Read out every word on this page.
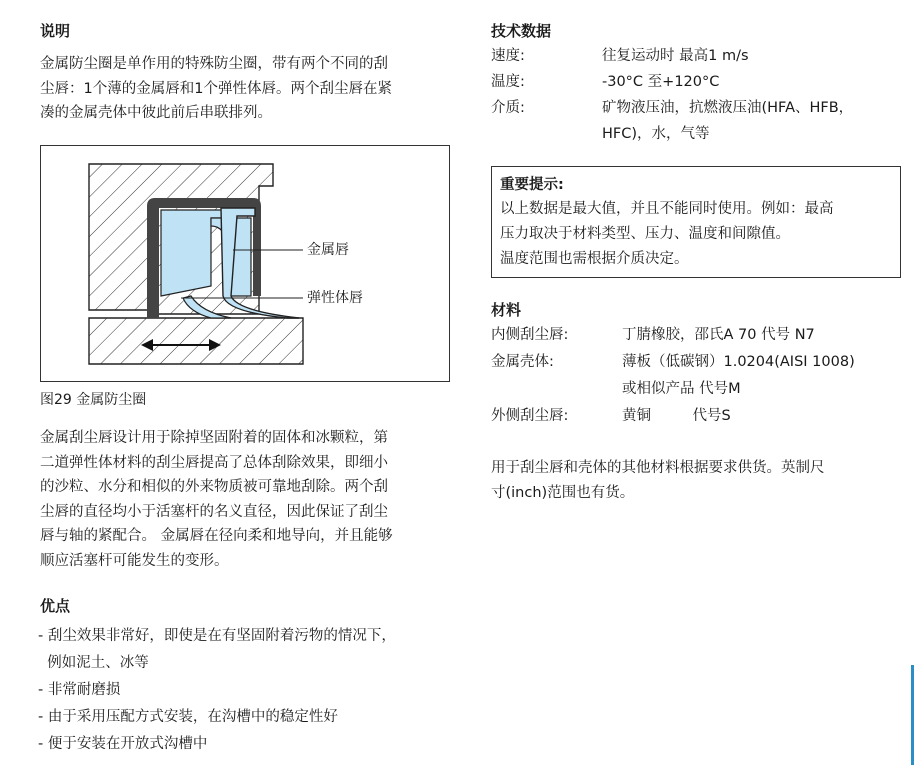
说明
金属防尘圈是单作用的特殊防尘圈，带有两个不同的刮
尘唇：1个薄的金属唇和1个弹性体唇。两个刮尘唇在紧
凑的金属壳体中彼此前后串联排列。
金属唇
弹性体唇
图29 金属防尘圈
金属刮尘唇设计用于除掉坚固附着的固体和冰颗粒，第
二道弹性体材料的刮尘唇提高了总体刮除效果，即细小
的沙粒、水分和相似的外来物质被可靠地刮除。两个刮
尘唇的直径均小于活塞杆的名义直径，因此保证了刮尘
唇与轴的紧配合。 金属唇在径向柔和地导向，并且能够
顺应活塞杆可能发生的变形。
优点
- 刮尘效果非常好，即使是在有坚固附着污物的情况下，
例如泥土、冰等
- 非常耐磨损
- 由于采用压配方式安装，在沟槽中的稳定性好
- 便于安装在开放式沟槽中
技术数据
速度:	往复运动时 最高1 m/s
温度:	-30°C 至+120°C
介质:	矿物液压油，抗燃液压油(HFA、HFB，
HFC)，水，气等
重要提示:
以上数据是最大值，并且不能同时使用。例如：最高
压力取决于材料类型、压力、温度和间隙值。
温度范围也需根据介质决定。
材料
内侧刮尘唇:	丁腈橡胶，邵氏A 70 代号 N7
金属壳体:	薄板（低碳钢）1.0204(AISI 1008)
或相似产品 代号M
外侧刮尘唇:	黄铜         代号S
用于刮尘唇和壳体的其他材料根据要求供货。英制尺
寸(inch)范围也有货。
